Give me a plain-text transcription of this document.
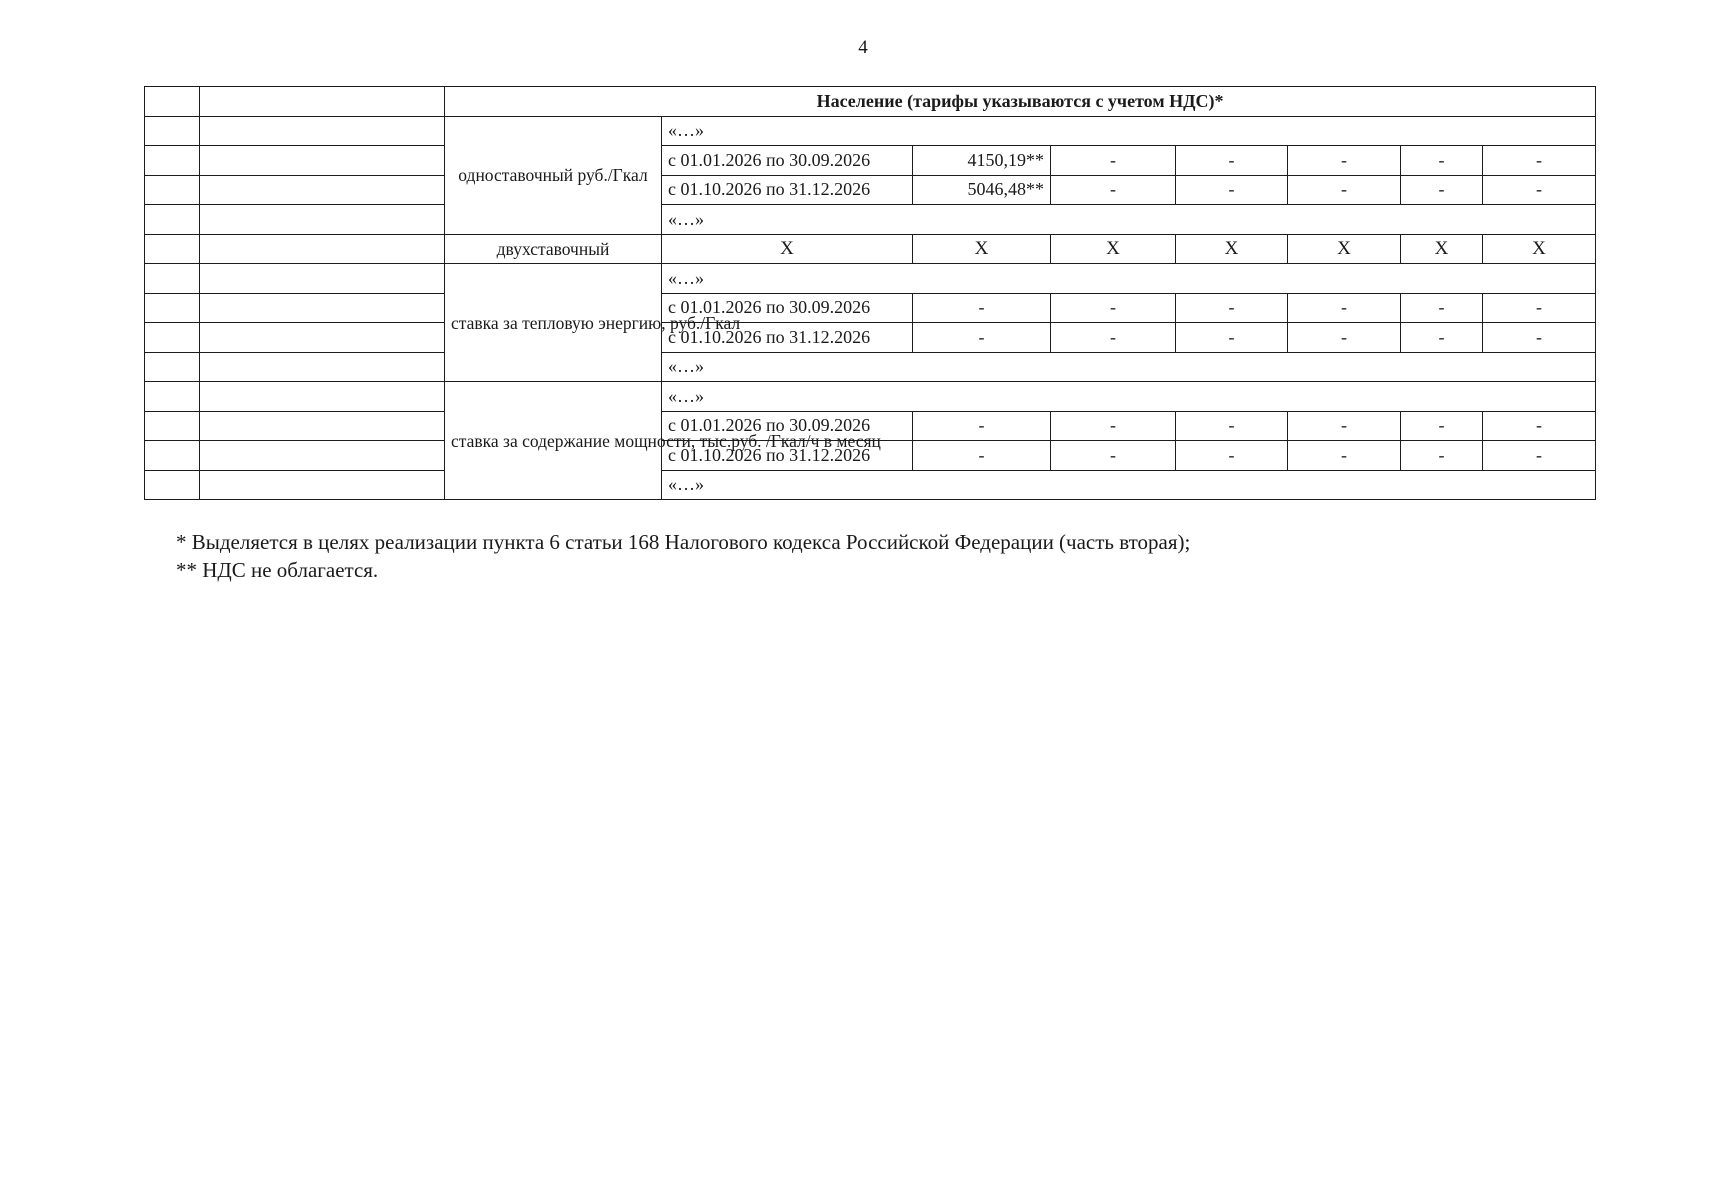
4
		Население (тарифы указываются с учетом НДС)*							
		одноставочный руб./Гкал	«…»						
			с 01.01.2026 по 30.09.2026	4150,19**	-	-	-	-	-
			с 01.10.2026 по 31.12.2026	5046,48**	-	-	-	-	-
			«…»						
		двухставочный	X	X	X	X	X	X	X
		ставка за тепловую энергию, руб./Гкал	«…»						
			с 01.01.2026 по 30.09.2026	-	-	-	-	-	-
			с 01.10.2026 по 31.12.2026	-	-	-	-	-	-
			«…»						
		ставка за содержание мощности, тыс.руб. /Гкал/ч в месяц	«…»						
			с 01.01.2026 по 30.09.2026	-	-	-	-	-	-
			с 01.10.2026 по 31.12.2026	-	-	-	-	-	-
			«…»						
* Выделяется в целях реализации пункта 6 статьи 168 Налогового кодекса Российской Федерации (часть вторая);
** НДС не облагается.
